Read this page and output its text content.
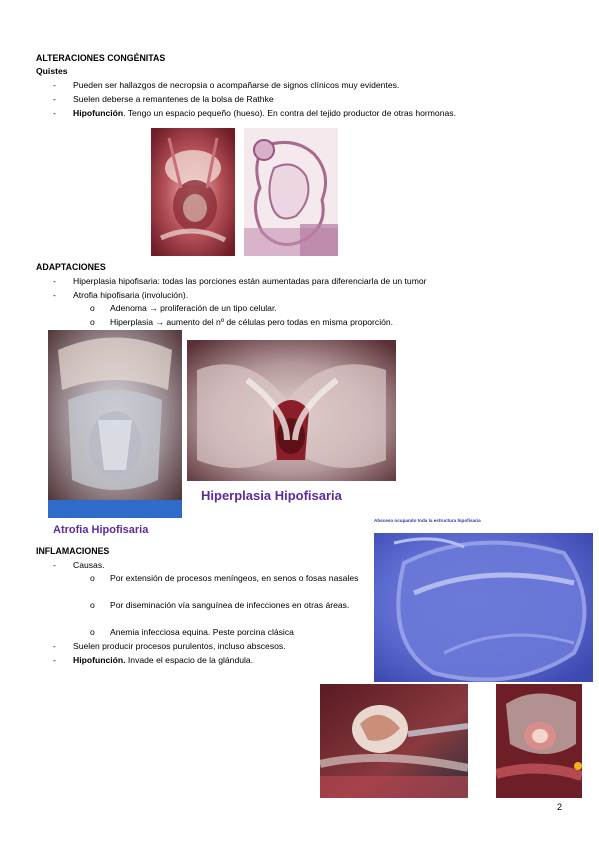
ALTERACIONES CONGÉNITAS
Quistes
- Pueden ser hallazgos de necropsia o acompañarse de signos clínicos muy evidentes.
- Suelen deberse a remantenes de la bolsa de Rathke
- Hipofunción. Tengo un espacio pequeño (hueso). En contra del tejido productor de otras hormonas.
ADAPTACIONES
- Hiperplasia hipofisaria: todas las porciones están aumentadas para diferenciarla de un tumor
- Atrofia hipofisaria (involución).
o Adenoma → proliferación de un tipo celular.
o Hiperplasia → aumento del nº de células pero todas en misma proporción.
Hiperplasia Hipofisaria
Atrofia Hipofisaria
INFLAMACIONES
- Causas.
o Por extensión de procesos meníngeos, en senos o fosas nasales
o Por diseminación vía sanguínea de infecciones en otras áreas.
o Anemia infecciosa equina. Peste porcina clásica
- Suelen producir procesos purulentos, incluso abscesos.
- Hipofunción. Invade el espacio de la glándula.
Absceso ocupando toda la estructura hipofisaria
2
